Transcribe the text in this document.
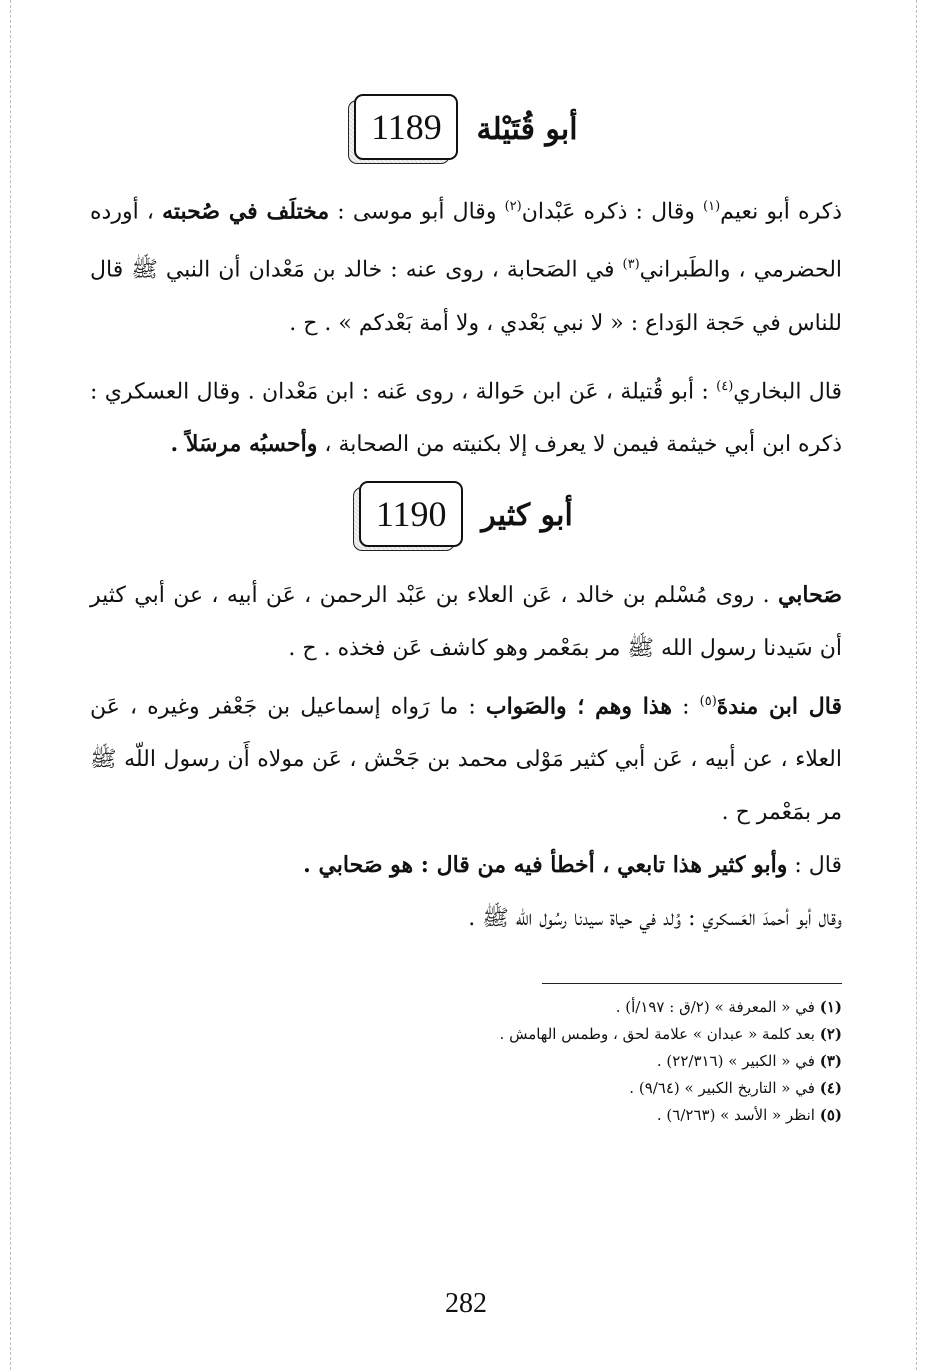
أبو قُتَيْلة
1189

ذكره أبو نعيم$^{(١)}$ وقال : ذكره عَبْدان$^{(٢)}$ وقال أبو موسى : مختلَف في صُحبته ، أورده الحضرمي ، والطَبراني$^{(٣)}$ في الصَحابة ، روى عنه : خالد بن مَعْدان أن النبي ﷺ قال للناس في حَجة الوَداع : « لا نبي بَعْدي ، ولا أمة بَعْدكم » . ح .

قال البخاري$^{(٤)}$ : أبو قُتيلة ، عَن ابن حَوالة ، روى عَنه : ابن مَعْدان . وقال العسكري : ذكره ابن أبي خيثمة فيمن لا يعرف إلا بكنيته من الصحابة ، وأحسبُه مرسَلاً .

أبو كثير
1190

صَحابي . روى مُسْلم بن خالد ، عَن العلاء بن عَبْد الرحمن ، عَن أبيه ، عن أبي كثير أن سَيدنا رسول الله ﷺ مر بمَعْمر وهو كاشف عَن فخذه . ح .

قال ابن مندةَ$^{(٥)}$ : هذا وهم ؛ والصَواب : ما رَواه إسماعيل بن جَعْفر وغيره ، عَن العلاء ، عن أبيه ، عَن أبي كثير مَوْلى محمد بن جَحْش ، عَن مولاه أَن رسول اللّه ﷺ مر بمَعْمر ح .

قال : وأبو كثير هذا تابعي ، أخطأ فيه من قال : هو صَحابي .

وقال أبو أحمدَ العَسكري : وُلد في حياة سيدنا رسُول اللّه ﷺ .

(١) في « المعرفة » (٢/ق : ١٩٧/أ) .
(٢) بعد كلمة « عبدان » علامة لحق ، وطمس الهامش .
(٣) في « الكبير » (٢٢/٣١٦) .
(٤) في « التاريخ الكبير » (٩/٦٤) .
(٥) انظر « الأسد » (٦/٢٦٣) .
282
